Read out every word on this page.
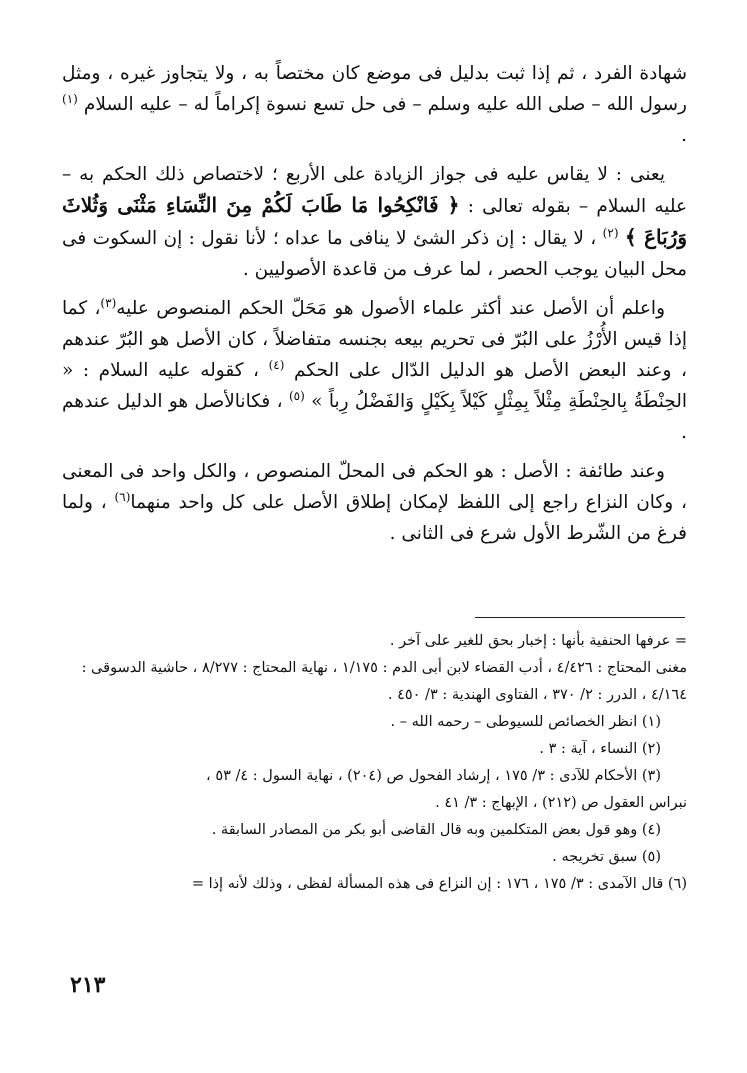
شهادة الفرد ، ثم إذا ثبت بدليل فى موضع كان مختصاً به ، ولا يتجاوز غيره ، ومثل رسول الله – صلى الله عليه وسلم – فى حل تسع نسوة إكراماً له – عليه السلام $^{(١)}$ .

يعنى : لا يقاس عليه فى جواز الزيادة على الأربع ؛ لاختصاص ذلك الحكم به – عليه السلام – بقوله تعالى : ﴿ فَانْكِحُوا مَا طَابَ لَكُمْ مِنَ النِّسَاءِ مَثْنَى وَثُلاثَ وَرُبَاعَ ﴾ $^{(٢)}$ ، لا يقال : إن ذكر الشئ لا ينافى ما عداه ؛ لأنا نقول : إن السكوت فى محل البيان يوجب الحصر ، لما عرف من قاعدة الأصوليين .

واعلم أن الأصل عند أكثر علماء الأصول هو مَحَلّ الحكم المنصوص عليه$^{(٣)}$، كما إذا قيس الأُرْزُ على البُرّ فى تحريم بيعه بجنسه متفاضلاً ، كان الأصل هو البُرّ عندهم ، وعند البعض الأصل هو الدليل الدّال على الحكم $^{(٤)}$ ، كقوله عليه السلام : « الحِنْطَةُ بِالحِنْطَةِ مِثْلاً بِمِثْلٍ كَيْلاً بِكَيْلٍ وَالفَضْلُ رِباً » $^{(٥)}$ ، فكانالأصل هو الدليل عندهم .

وعند طائفة : الأصل : هو الحكم فى المحلّ المنصوص ، والكل واحد فى المعنى ، وكان النزاع راجع إلى اللفظ لإمكان إطلاق الأصل على كل واحد منهما$^{(٦)}$ ، ولما فرغ من الشّرط الأول شرع فى الثانى .

= عرفها الحنفية بأنها : إخبار بحق للغير على آخر .
مغنى المحتاج : ٤/٤٢٦ ، أدب القضاء لابن أبى الدم : ١/١٧٥ ، نهاية المحتاج : ٨/٢٧٧ ، حاشية الدسوقى : ٤/١٦٤ ، الدرر : ٢/ ٣٧٠ ، الفتاوى الهندية : ٣/ ٤٥٠ .
(١) انظر الخصائص للسيوطى – رحمه الله – .
(٢) النساء ، آية : ٣ .
(٣) الأحكام للآدى : ٣/ ١٧٥ ، إرشاد الفحول ص (٢٠٤) ، نهاية السول : ٤/ ٥٣ ،
نبراس العقول ص (٢١٢) ، الإبهاج : ٣/ ٤١ .
(٤) وهو قول بعض المتكلمين وبه قال القاضى أبو بكر من المصادر السابقة .
(٥) سبق تخريجه .
(٦) قال الآمدى : ٣/ ١٧٥ ، ١٧٦ : إن النزاع فى هذه المسألة لفظى ، وذلك لأنه إذا =
٢١٣
